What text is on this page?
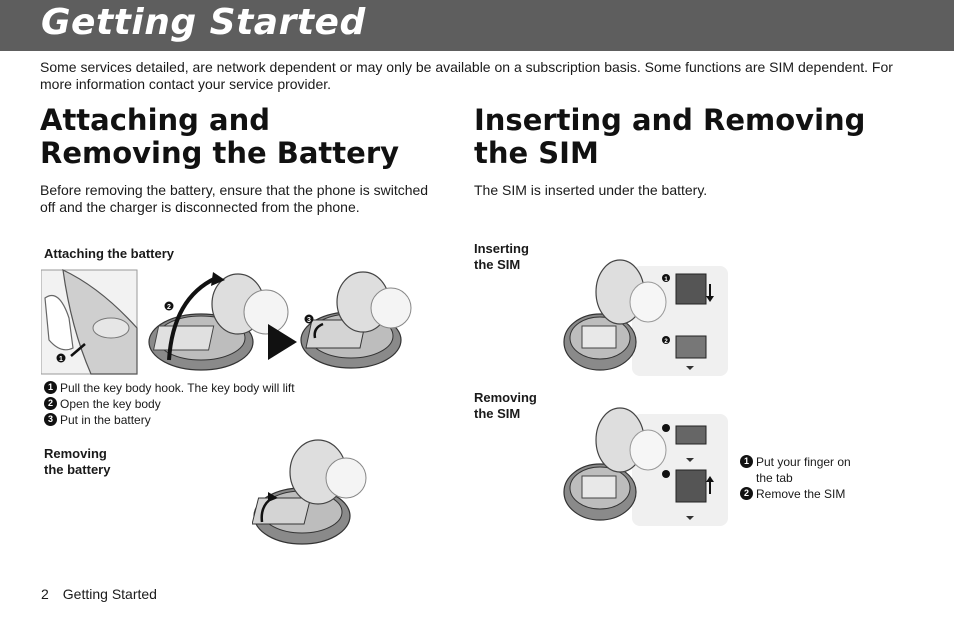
Getting Started

Some services detailed, are network dependent or may only be available on a subscription basis. Some functions are SIM dependent. For more information contact your service provider.

Attaching and Removing the Battery
Inserting and Removing the SIM

Before removing the battery, ensure that the phone is switched off and the charger is disconnected from the phone.

The SIM is inserted under the battery.

Attaching the battery
1
2
3
1 Pull the key body hook. The key body will lift
2 Open the key body
3 Put in the battery
Removing
the battery
Inserting
the SIM
1
2
Removing
the SIM
1 Put your finger on
the tab
2 Remove the SIM
2 Getting Started
